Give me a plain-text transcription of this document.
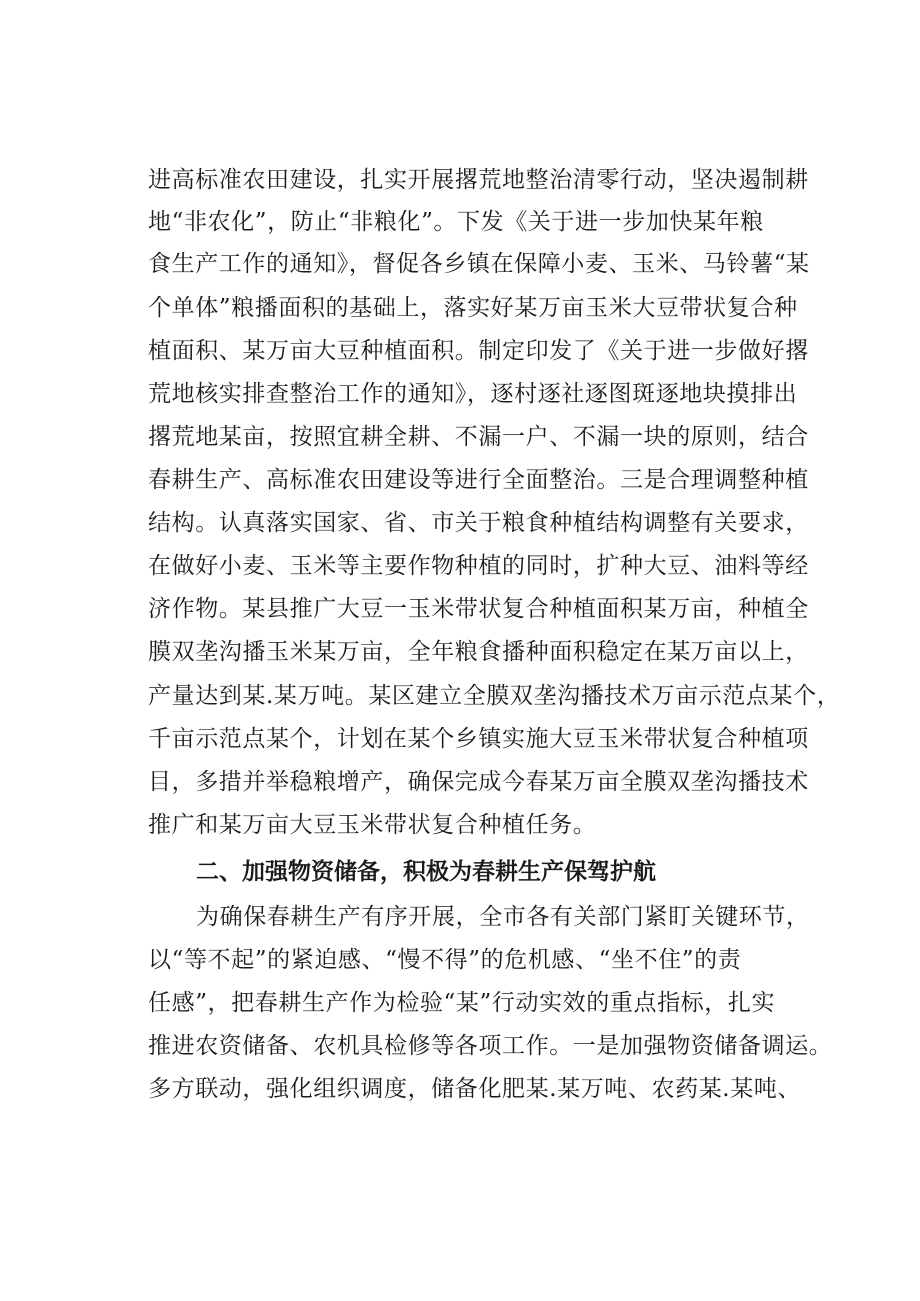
进高标准农田建设，扎实开展撂荒地整治清零行动，坚决遏制耕
地“非农化”，防止“非粮化”。下发《关于进一步加快某年粮
食生产工作的通知》，督促各乡镇在保障小麦、玉米、马铃薯“某
个单体”粮播面积的基础上，落实好某万亩玉米大豆带状复合种
植面积、某万亩大豆种植面积。制定印发了《关于进一步做好撂
荒地核实排查整治工作的通知》，逐村逐社逐图斑逐地块摸排出
撂荒地某亩，按照宜耕全耕、不漏一户、不漏一块的原则，结合
春耕生产、高标准农田建设等进行全面整治。三是合理调整种植
结构。认真落实国家、省、市关于粮食种植结构调整有关要求，
在做好小麦、玉米等主要作物种植的同时，扩种大豆、油料等经
济作物。某县推广大豆一玉米带状复合种植面积某万亩，种植全
膜双垄沟播玉米某万亩，全年粮食播种面积稳定在某万亩以上，
产量达到某.某万吨。某区建立全膜双垄沟播技术万亩示范点某个，
千亩示范点某个，计划在某个乡镇实施大豆玉米带状复合种植项
目，多措并举稳粮增产，确保完成今春某万亩全膜双垄沟播技术
推广和某万亩大豆玉米带状复合种植任务。
二、加强物资储备，积极为春耕生产保驾护航
为确保春耕生产有序开展，全市各有关部门紧盯关键环节，
以“等不起”的紧迫感、“慢不得”的危机感、“坐不住”的责
任感”，把春耕生产作为检验“某”行动实效的重点指标，扎实
推进农资储备、农机具检修等各项工作。一是加强物资储备调运。
多方联动，强化组织调度，储备化肥某.某万吨、农药某.某吨、
